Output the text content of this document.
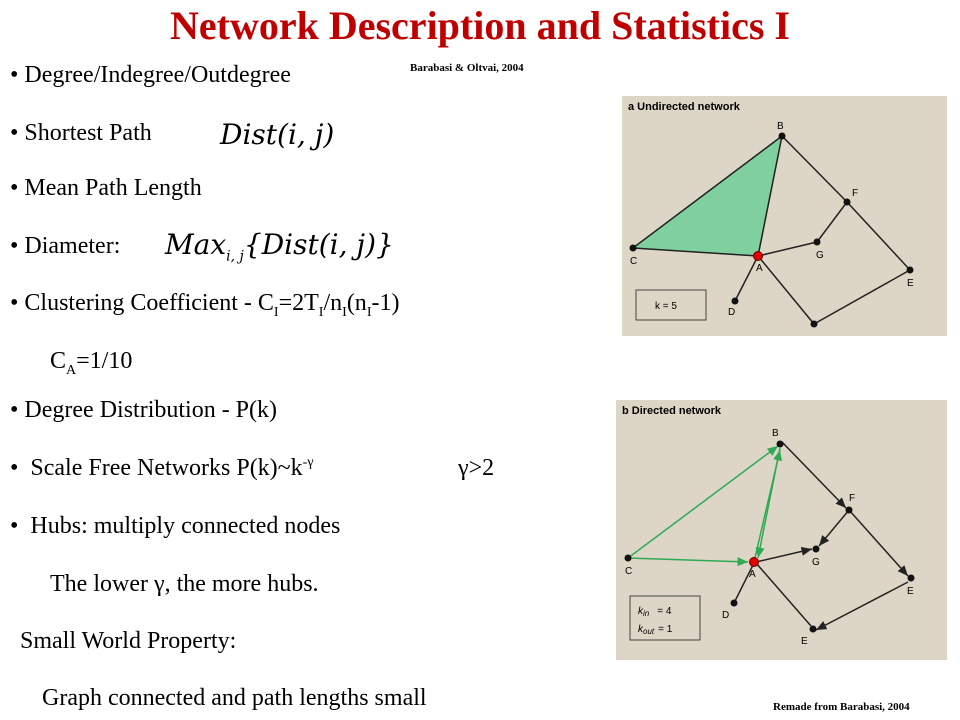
Network Description and Statistics I
Barabasi & Oltvai, 2004
• Degree/Indegree/Outdegree
• Shortest Path Dist(i, j)
• Mean Path Length
• Diameter: Max$_{i, j}${Dist(i, j)}
• Clustering Coefficient - $C_I=2T_I/n_I(n_I-1)$
$C_A=1/10$
• Degree Distribution - P(k)
• Scale Free Networks $P(k)\sim k^{-\gamma}$	γ>2
• Hubs: multiply connected nodes
The lower γ, the more hubs.
Small World Property:
Graph connected and path lengths small	Remade from Barabasi, 2004
a Undirected network
B
C
A
F
G
E
D
k = 5
b Directed network
B
C	A
F
G
E
D
E
$k_{in} = 4$
$k_{out} = 1$
